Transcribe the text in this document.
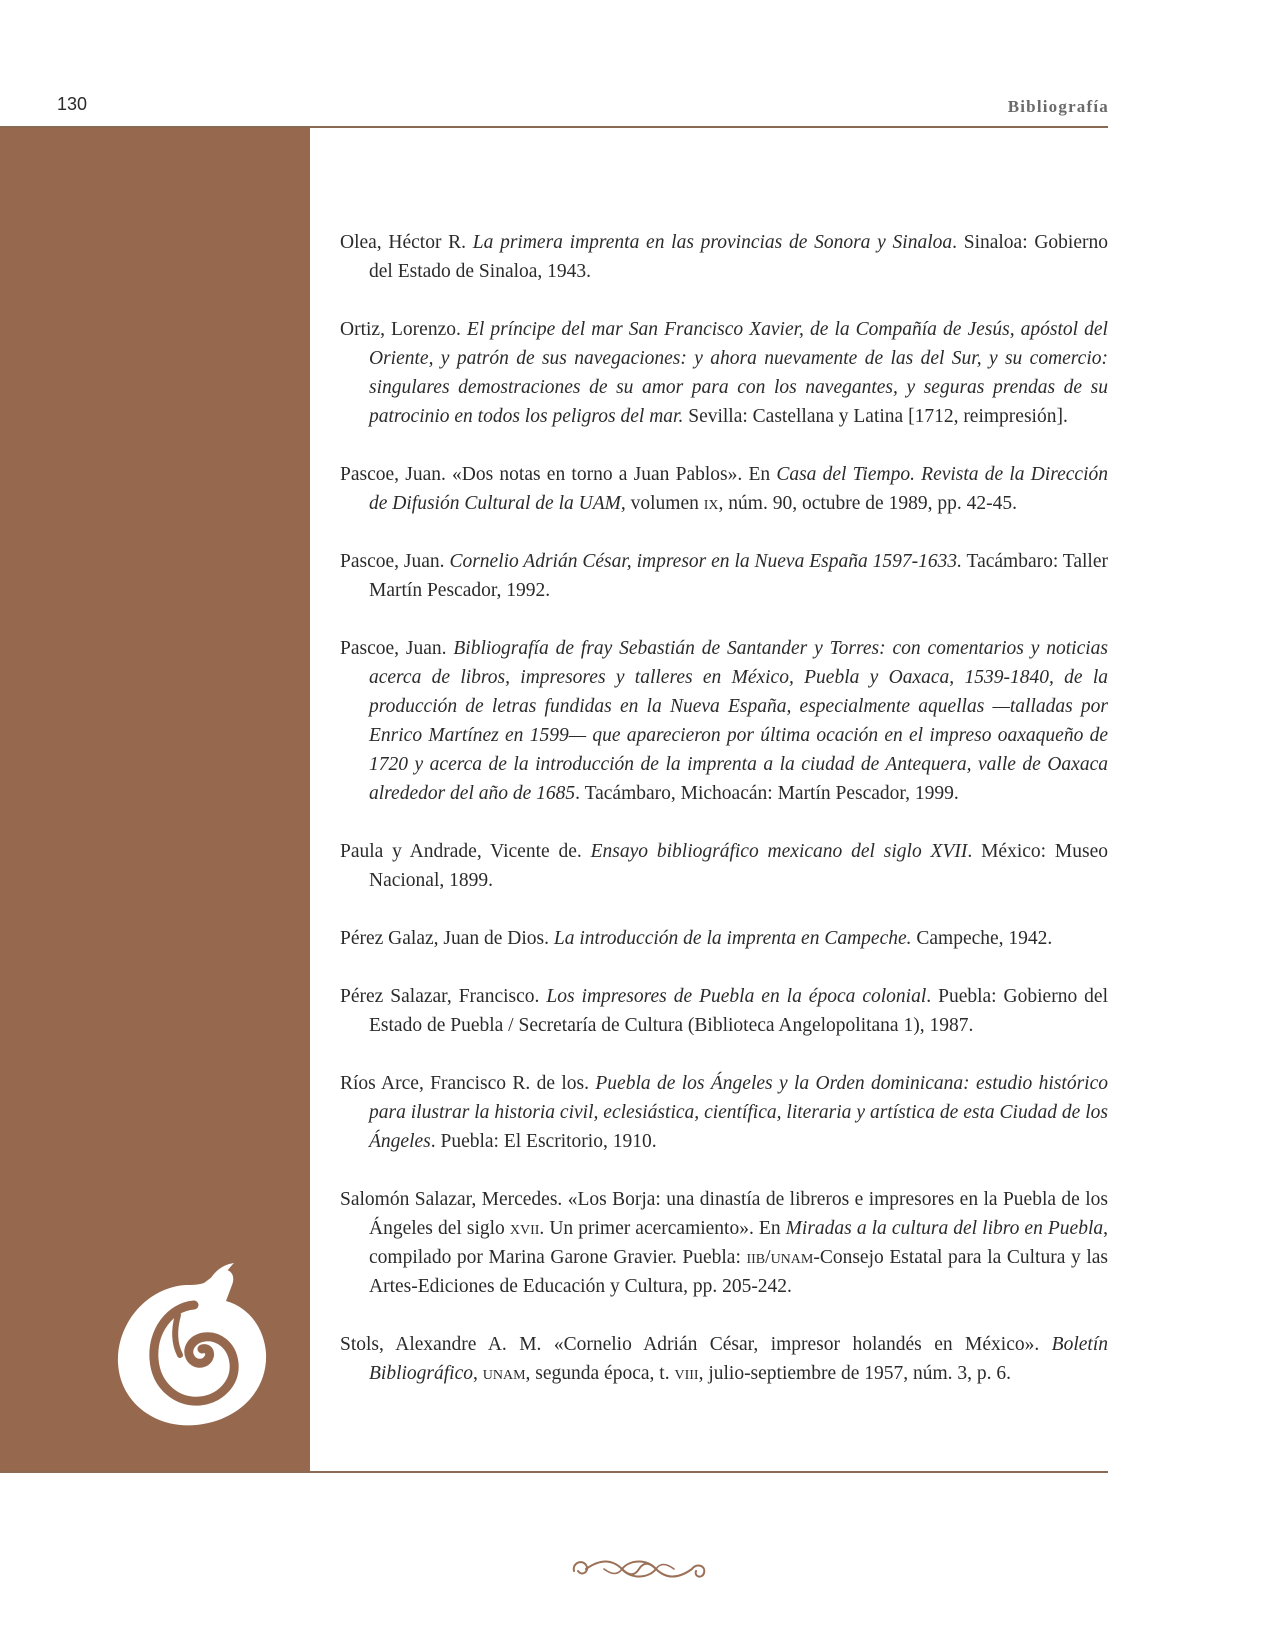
130	Bibliografía

Olea, Héctor R. La primera imprenta en las provincias de Sonora y Sinaloa. Sinaloa: Gobierno del Estado de Sinaloa, 1943.

Ortiz, Lorenzo. El príncipe del mar San Francisco Xavier, de la Compañía de Jesús, apóstol del Oriente, y patrón de sus navegaciones: y ahora nuevamente de las del Sur, y su comercio: singulares demostraciones de su amor para con los navegantes, y seguras prendas de su patrocinio en todos los peligros del mar. Sevilla: Castellana y Latina [1712, reimpresión].

Pascoe, Juan. «Dos notas en torno a Juan Pablos». En Casa del Tiempo. Revista de la Dirección de Difusión Cultural de la UAM, volumen ix, núm. 90, octubre de 1989, pp. 42-45.

Pascoe, Juan. Cornelio Adrián César, impresor en la Nueva España 1597-1633. Tacámbaro: Taller Martín Pescador, 1992.

Pascoe, Juan. Bibliografía de fray Sebastián de Santander y Torres: con comentarios y noticias acerca de libros, impresores y talleres en México, Puebla y Oaxaca, 1539-1840, de la producción de letras fundidas en la Nueva España, especialmente aquellas —talladas por Enrico Martínez en 1599— que aparecieron por última ocación en el impreso oaxaqueño de 1720 y acerca de la introducción de la imprenta a la ciudad de Antequera, valle de Oaxaca alrededor del año de 1685. Tacámbaro, Michoacán: Martín Pescador, 1999.

Paula y Andrade, Vicente de. Ensayo bibliográfico mexicano del siglo XVII. México: Museo Nacional, 1899.

Pérez Galaz, Juan de Dios. La introducción de la imprenta en Campeche. Campeche, 1942.

Pérez Salazar, Francisco. Los impresores de Puebla en la época colonial. Puebla: Gobierno del Estado de Puebla / Secretaría de Cultura (Biblioteca Angelopolitana 1), 1987.

Ríos Arce, Francisco R. de los. Puebla de los Ángeles y la Orden dominicana: estudio histórico para ilustrar la historia civil, eclesiástica, científica, literaria y artística de esta Ciudad de los Ángeles. Puebla: El Escritorio, 1910.

Salomón Salazar, Mercedes. «Los Borja: una dinastía de libreros e impresores en la Puebla de los Ángeles del siglo xvii. Un primer acercamiento». En Miradas a la cultura del libro en Puebla, compilado por Marina Garone Gravier. Puebla: iib/unam-Consejo Estatal para la Cultura y las Artes-Ediciones de Educación y Cultura, pp. 205-242.

Stols, Alexandre A. M. «Cornelio Adrián César, impresor holandés en México». Boletín Bibliográfico, unam, segunda época, t. viii, julio-septiembre de 1957, núm. 3, p. 6.
